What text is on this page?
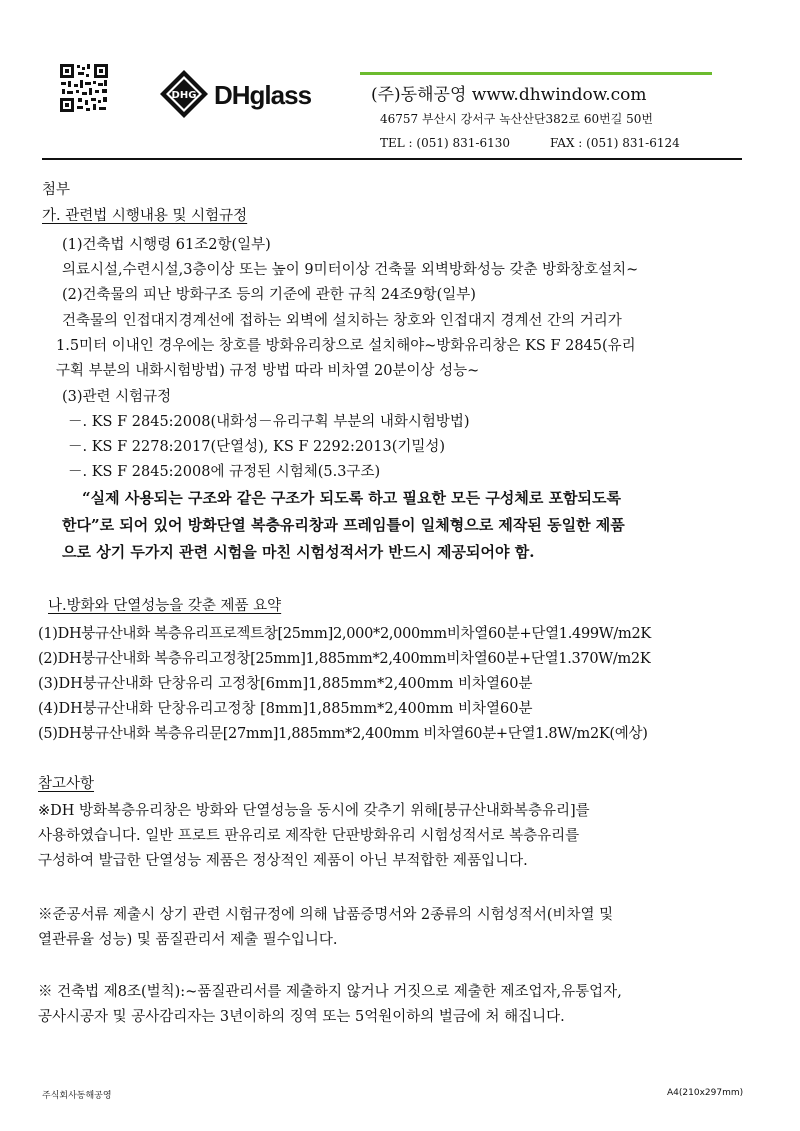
DHG DHglass	(주)동해공영 www.dhwindow.com
46757 부산시 강서구 녹산산단382로 60번길 50번
TEL : (051) 831-6130	FAX : (051) 831-6124
첨부
가. 관련법 시행내용 및 시험규정
(1)건축법 시행령 61조2항(일부)
의료시설,수련시설,3층이상 또는 높이 9미터이상 건축물 외벽방화성능 갖춘 방화창호설치~
(2)건축물의 피난 방화구조 등의 기준에 관한 규칙 24조9항(일부)
건축물의 인접대지경계선에 접하는 외벽에 설치하는 창호와 인접대지 경계선 간의 거리가
1.5미터 이내인 경우에는 창호를 방화유리창으로 설치해야~방화유리창은 KS F 2845(유리
구획 부분의 내화시험방법) 규정 방법 따라 비차열 20분이상 성능~
(3)관련 시험규정
－. KS F 2845:2008(내화성－유리구획 부분의 내화시험방법)
－. KS F 2278:2017(단열성), KS F 2292:2013(기밀성)
－. KS F 2845:2008에 규정된 시험체(5.3구조)
“실제 사용되는 구조와 같은 구조가 되도록 하고 필요한 모든 구성체로 포함되도록
한다”로 되어 있어 방화단열 복층유리창과 프레임틀이 일체형으로 제작된 동일한 제품
으로 상기 두가지 관련 시험을 마친 시험성적서가 반드시 제공되어야 함.
나.방화와 단열성능을 갖춘 제품 요약
(1)DH붕규산내화 복층유리프로젝트창[25mm]2,000*2,000mm비차열60분+단열1.499W/m2K
(2)DH붕규산내화 복층유리고정창[25mm]1,885mm*2,400mm비차열60분+단열1.370W/m2K
(3)DH붕규산내화 단창유리 고정창[6mm]1,885mm*2,400mm 비차열60분
(4)DH붕규산내화 단창유리고정창 [8mm]1,885mm*2,400mm 비차열60분
(5)DH붕규산내화 복층유리문[27mm]1,885mm*2,400mm 비차열60분+단열1.8W/m2K(예상)
참고사항
※DH 방화복층유리창은 방화와 단열성능을 동시에 갖추기 위해[붕규산내화복층유리]를
사용하였습니다. 일반 프로트 판유리로 제작한 단판방화유리 시험성적서로 복층유리를
구성하여 발급한 단열성능 제품은 정상적인 제품이 아닌 부적합한 제품입니다.
※준공서류 제출시 상기 관련 시험규정에 의해 납품증명서와 2종류의 시험성적서(비차열 및
열관류율 성능) 및 품질관리서 제출 필수입니다.
※ 건축법 제8조(벌칙):~품질관리서를 제출하지 않거나 거짓으로 제출한 제조업자,유통업자,
공사시공자 및 공사감리자는 3년이하의 징역 또는 5억원이하의 벌금에 처 해집니다.
주식회사동해공영	A4(210x297mm)
